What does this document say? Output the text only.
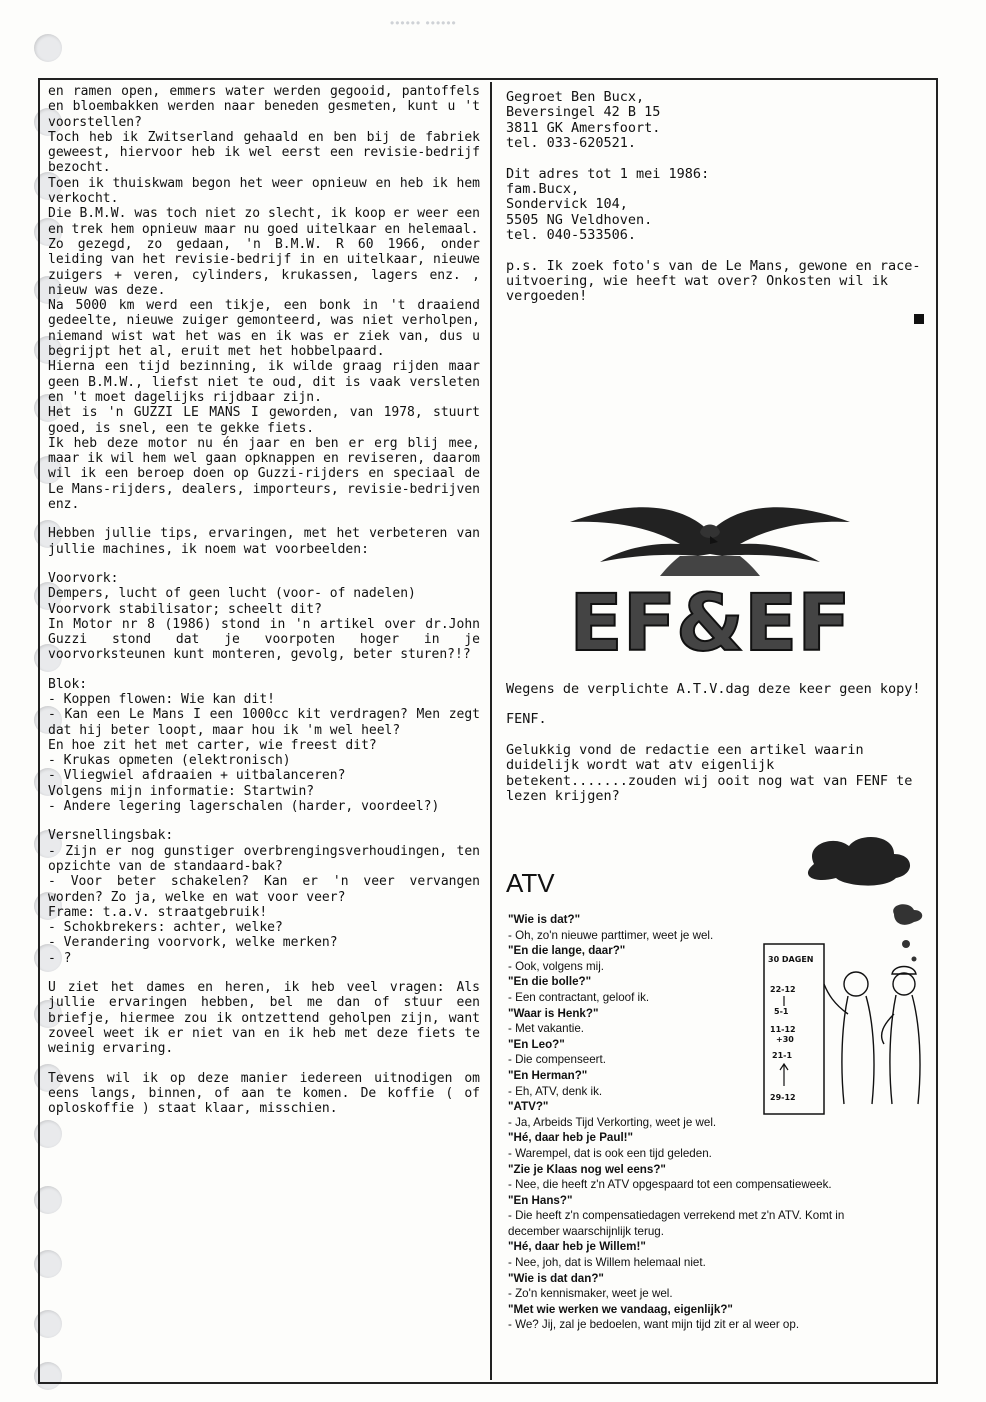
•••••• ••••••

en ramen open, emmers water werden gegooid, pantoffels en bloembakken werden naar beneden gesmeten, kunt u 't voorstellen?

Toch heb ik Zwitserland gehaald en ben bij de fabriek geweest, hiervoor heb ik wel eerst een revisie-bedrijf bezocht.

Toen ik thuiskwam begon het weer opnieuw en heb ik hem verkocht.

Die B.M.W. was toch niet zo slecht, ik koop er weer een en trek hem opnieuw maar nu goed uitelkaar en helemaal.

Zo gezegd, zo gedaan, 'n B.M.W. R 60 1966, onder leiding van het revisie-bedrijf in en uitelkaar, nieuwe zuigers + veren, cylinders, krukassen, lagers enz. , nieuw was deze.

Na 5000 km werd een tikje, een bonk in 't draaiend gedeelte, nieuwe zuiger gemonteerd, was niet verholpen, niemand wist wat het was en ik was er ziek van, dus u begrijpt het al, eruit met het hobbelpaard.

Hierna een tijd bezinning, ik wilde graag rijden maar geen B.M.W., liefst niet te oud, dit is vaak versleten en 't moet dagelijks rijdbaar zijn.

Het is 'n GUZZI LE MANS I geworden, van 1978, stuurt goed, is snel, een te gekke fiets.

Ik heb deze motor nu én jaar en ben er erg blij mee, maar ik wil hem wel gaan opknappen en reviseren, daarom wil ik een beroep doen op Guzzi-rijders en speciaal de Le Mans-rijders, dealers, importeurs, revisie-bedrijven enz.

Hebben jullie tips, ervaringen, met het verbeteren van jullie machines, ik noem wat voorbeelden:

Voorvork:

Dempers, lucht of geen lucht (voor- of nadelen)

Voorvork stabilisator; scheelt dit?

In Motor nr 8 (1986) stond in 'n artikel over dr.John Guzzi stond dat je voorpoten hoger in je voorvorksteunen kunt monteren, gevolg, beter sturen?!?

Blok:

- Koppen flowen: Wie kan dit!

- Kan een Le Mans I een 1000cc kit verdragen? Men zegt dat hij beter loopt, maar hou ik 'm wel heel?

En hoe zit het met carter, wie freest dit?

- Krukas opmeten (elektronisch)

- Vliegwiel afdraaien + uitbalanceren?

Volgens mijn informatie: Startwin?

- Andere legering lagerschalen (harder, voordeel?)

Versnellingsbak:

- Zijn er nog gunstiger overbrengingsverhoudingen, ten opzichte van de standaard-bak?

- Voor beter schakelen? Kan er 'n veer vervangen worden? Zo ja, welke en wat voor veer?

Frame: t.a.v. straatgebruik!

- Schokbrekers: achter, welke?

- Verandering voorvork, welke merken?

- ?

U ziet het dames en heren, ik heb veel vragen: Als jullie ervaringen hebben, bel me dan of stuur een briefje, hiermee zou ik ontzettend geholpen zijn, want zoveel weet ik er niet van en ik heb met deze fiets te weinig ervaring.

Tevens wil ik op deze manier iedereen uitnodigen om eens langs, binnen, of aan te komen. De koffie ( of oploskoffie ) staat klaar, misschien.

Gegroet Ben Bucx,
Beversingel 42 B 15
3811 GK Amersfoort.
tel. 033-620521.

Dit adres tot 1 mei 1986:
fam.Bucx,
Sondervick 104,
5505 NG Veldhoven.
tel. 040-533506.

p.s. Ik zoek foto's van de Le Mans, gewone en race-uitvoering, wie heeft wat over? Onkosten wil ik vergoeden!

EF&EF

Wegens de verplichte A.T.V.dag deze keer geen kopy!

FENF.

Gelukkig vond de redactie een artikel waarin duidelijk wordt wat atv eigenlijk betekent.......zouden wij ooit nog wat van FENF te lezen krijgen?

ATV
30 DAGEN
22-12
5-1
11-12
+30
21-1
29-12
"Wie is dat?"
- Oh, zo'n nieuwe parttimer, weet je wel.
"En die lange, daar?"
- Ook, volgens mij.
"En die bolle?"
- Een contractant, geloof ik.
"Waar is Henk?"
- Met vakantie.
"En Leo?"
- Die compenseert.
"En Herman?"
- Eh, ATV, denk ik.
"ATV?"
- Ja, Arbeids Tijd Verkorting, weet je wel.
"Hé, daar heb je Paul!"
- Warempel, dat is ook een tijd geleden.
"Zie je Klaas nog wel eens?"
- Nee, die heeft z'n ATV opgespaard tot een compensatieweek.
"En Hans?"
- Die heeft z'n compensatiedagen verrekend met z'n ATV. Komt in
december waarschijnlijk terug.
"Hé, daar heb je Willem!"
- Nee, joh, dat is Willem helemaal niet.
"Wie is dat dan?"
- Zo'n kennismaker, weet je wel.
"Met wie werken we vandaag, eigenlijk?"
- We? Jij, zal je bedoelen, want mijn tijd zit er al weer op.
